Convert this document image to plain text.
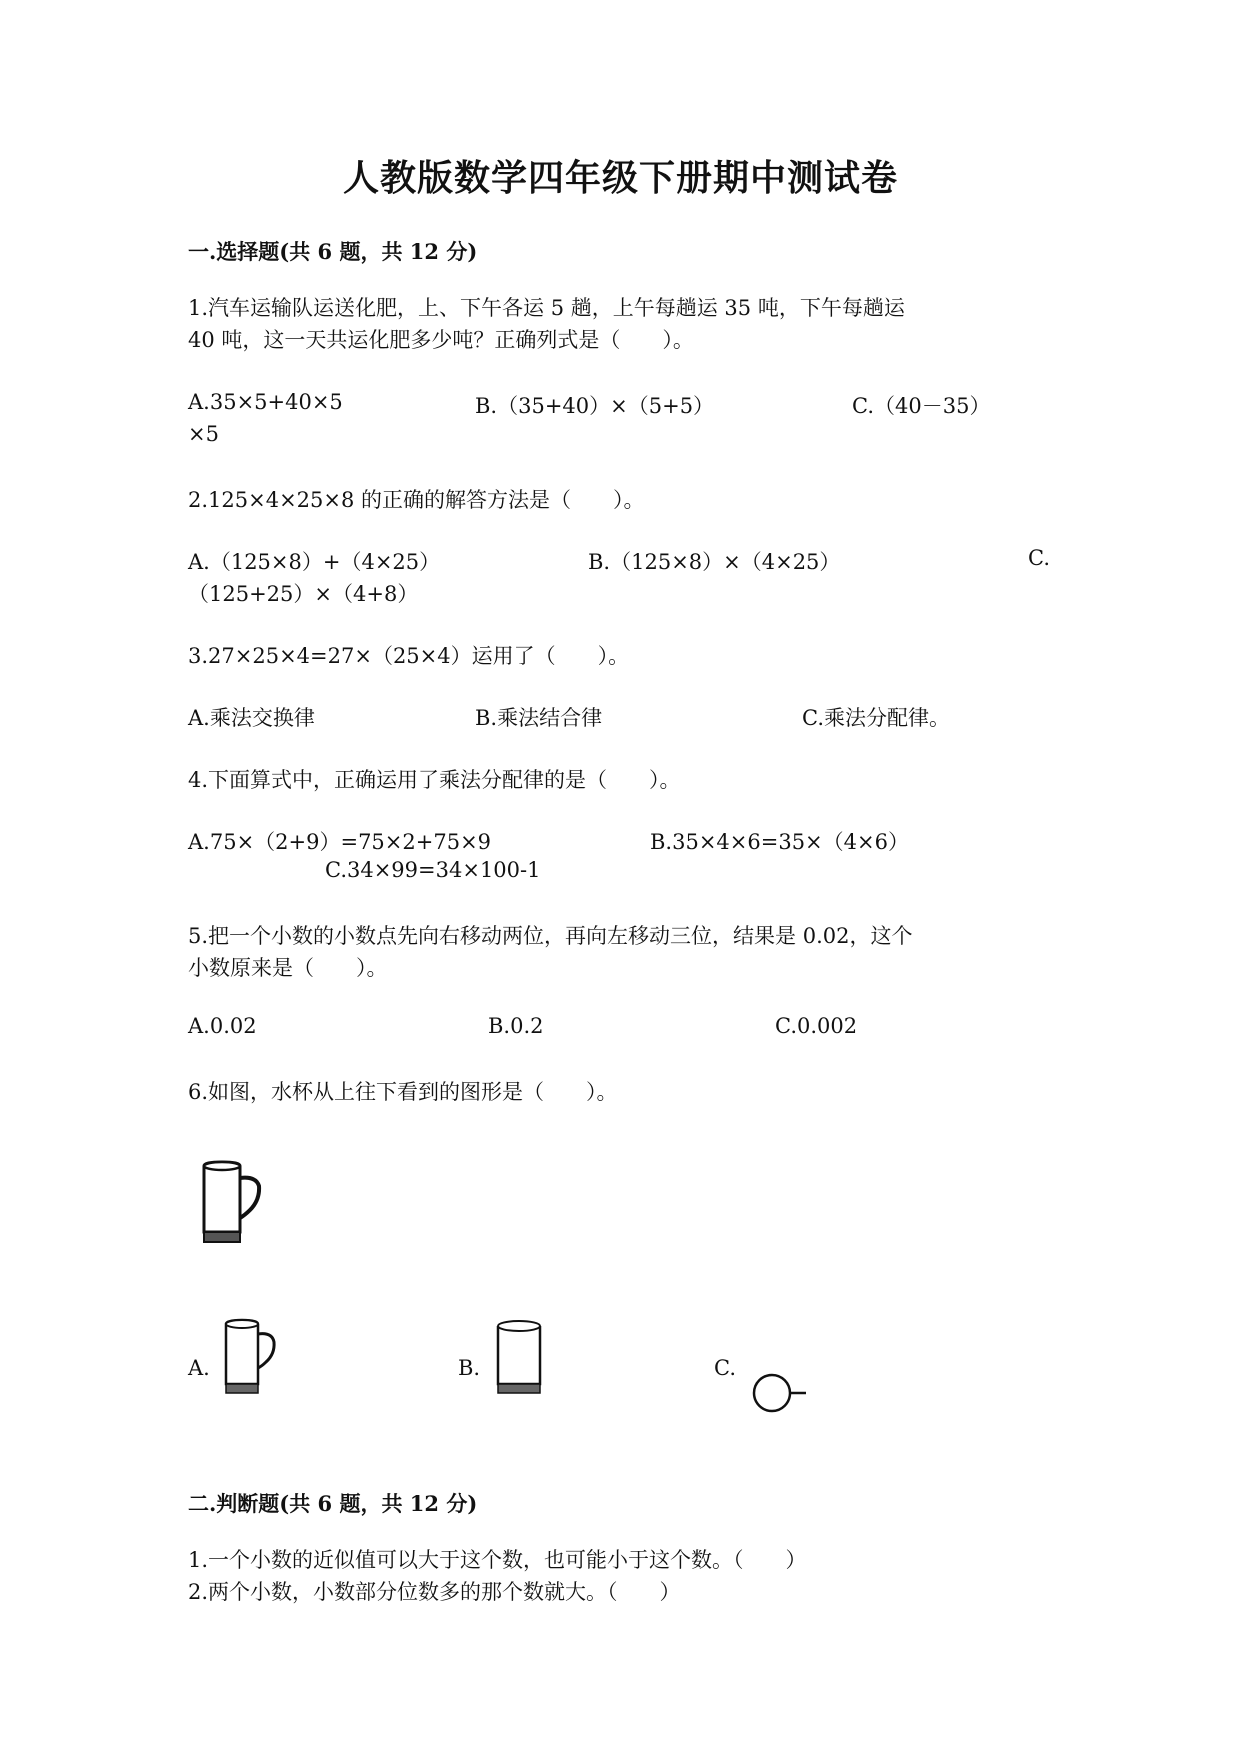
人教版数学四年级下册期中测试卷
一.选择题(共 6 题，共 12 分)
1.汽车运输队运送化肥，上、下午各运 5 趟，上午每趟运 35 吨，下午每趟运
40 吨，这一天共运化肥多少吨？正确列式是（　　）。
A.35×5+40×5	B.（35+40）×（5+5）	C.（40－35）
×5
2.125×4×25×8 的正确的解答方法是（　　）。
A.（125×8）+（4×25）	B.（125×8）×（4×25）	C.
（125+25）×（4+8）
3.27×25×4=27×（25×4）运用了（　　）。
A.乘法交换律	B.乘法结合律	C.乘法分配律。
4.下面算式中，正确运用了乘法分配律的是（　　）。
A.75×（2+9）=75×2+75×9	B.35×4×6=35×（4×6）
C.34×99=34×100-1
5.把一个小数的小数点先向右移动两位，再向左移动三位，结果是 0.02，这个
小数原来是（　　）。
A.0.02	B.0.2	C.0.002
6.如图，水杯从上往下看到的图形是（　　）。
A.	B.	C.
二.判断题(共 6 题，共 12 分)
1.一个小数的近似值可以大于这个数，也可能小于这个数。（　　）
2.两个小数，小数部分位数多的那个数就大。（　　）
